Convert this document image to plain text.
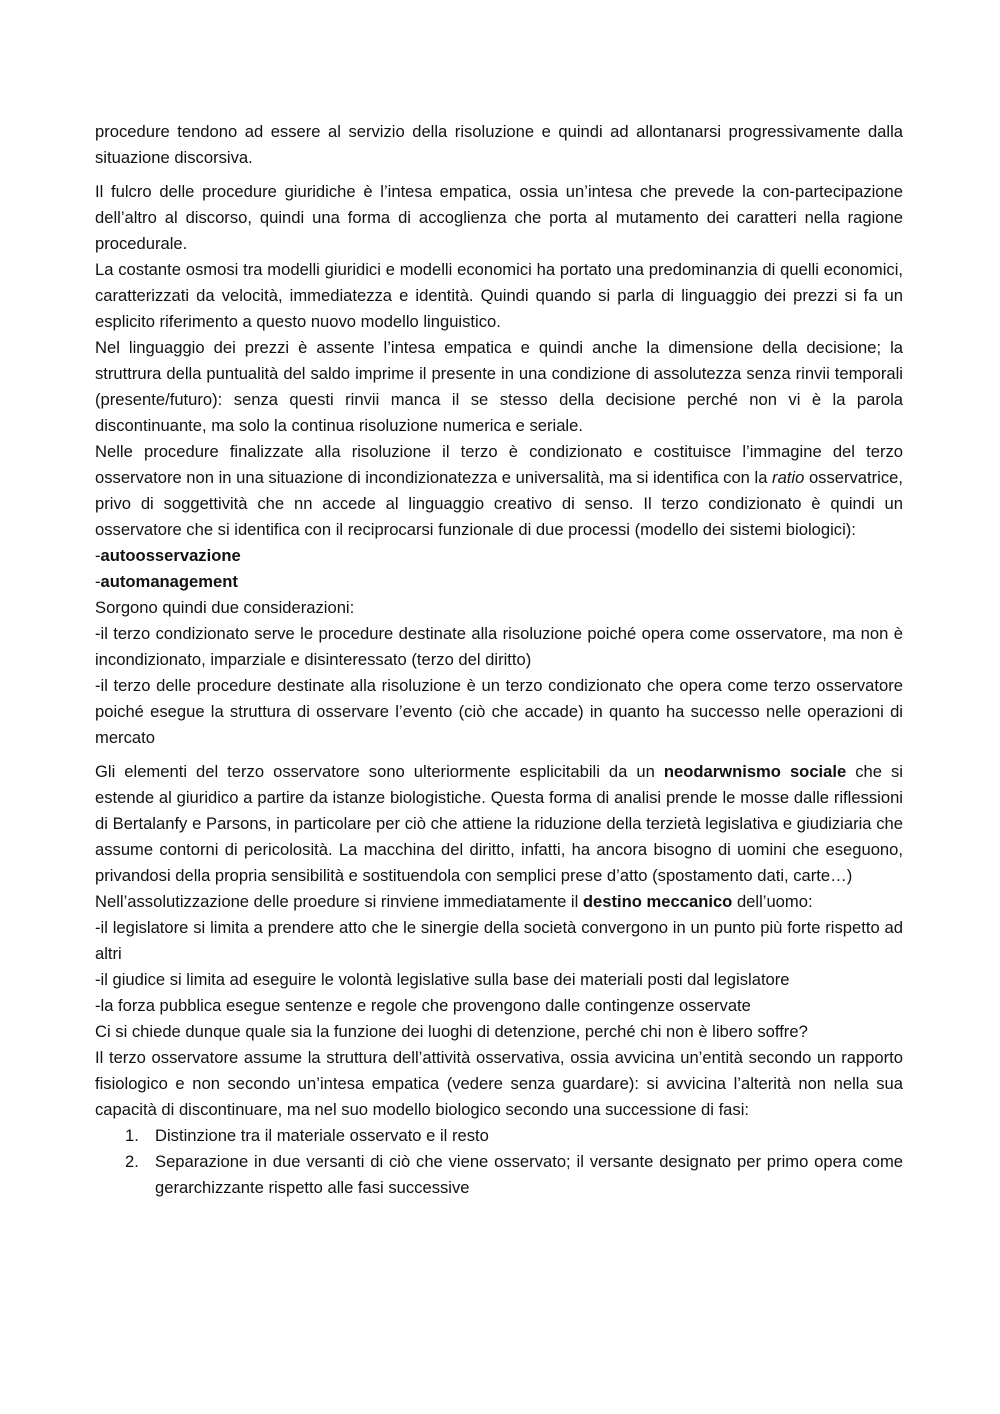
procedure tendono ad essere al servizio della risoluzione e quindi ad allontanarsi progressivamente dalla situazione discorsiva.

Il fulcro delle procedure giuridiche è l’intesa empatica, ossia un’intesa che prevede la con-partecipazione dell’altro al discorso, quindi una forma di accoglienza che porta al mutamento dei caratteri nella ragione procedurale.

La costante osmosi tra modelli giuridici e modelli economici ha portato una predominanzia di quelli economici, caratterizzati da velocità, immediatezza e identità. Quindi quando si parla di linguaggio dei prezzi si fa un esplicito riferimento a questo nuovo modello linguistico.

Nel linguaggio dei prezzi è assente l’intesa empatica e quindi anche la dimensione della decisione; la struttrura della puntualità del saldo imprime il presente in una condizione di assolutezza senza rinvii temporali (presente/futuro): senza questi rinvii manca il se stesso della decisione perché non vi è la parola discontinuante, ma solo la continua risoluzione numerica e seriale.

Nelle procedure finalizzate alla risoluzione il terzo è condizionato e costituisce l’immagine del terzo osservatore non in una situazione di incondizionatezza e universalità, ma si identifica con la ratio osservatrice, privo di soggettività che nn accede al linguaggio creativo di senso. Il terzo condizionato è quindi un osservatore che si identifica con il reciprocarsi funzionale di due processi (modello dei sistemi biologici):

-autoosservazione

-automanagement

Sorgono quindi due considerazioni:

-il terzo condizionato serve le procedure destinate alla risoluzione poiché opera come osservatore, ma non è incondizionato, imparziale e disinteressato (terzo del diritto)

-il terzo delle procedure destinate alla risoluzione è un terzo condizionato che opera come terzo osservatore poiché esegue la struttura di osservare l’evento (ciò che accade) in quanto ha successo nelle operazioni di mercato

Gli elementi del terzo osservatore sono ulteriormente esplicitabili da un neodarwnismo sociale che si estende al giuridico a partire da istanze biologistiche. Questa forma di analisi prende le mosse dalle riflessioni di Bertalanfy e Parsons, in particolare per ciò che attiene la riduzione della terzietà legislativa e giudiziaria che assume contorni di pericolosità. La macchina del diritto, infatti, ha ancora bisogno di uomini che eseguono, privandosi della propria sensibilità e sostituendola con semplici prese d’atto (spostamento dati, carte…)

Nell’assolutizzazione delle proedure si rinviene immediatamente il destino meccanico dell’uomo:

-il legislatore si limita a prendere atto che le sinergie della società convergono in un punto più forte rispetto ad altri

-il giudice si limita ad eseguire le volontà legislative sulla base dei materiali posti dal legislatore

-la forza pubblica esegue sentenze e regole che provengono dalle contingenze osservate

Ci si chiede dunque quale sia la funzione dei luoghi di detenzione, perché chi non è libero soffre?

Il terzo osservatore assume la struttura dell’attività osservativa, ossia avvicina un’entità secondo un rapporto fisiologico e non secondo un’intesa empatica (vedere senza guardare): si avvicina l’alterità non nella sua capacità di discontinuare, ma nel suo modello biologico secondo una successione di fasi:

1. Distinzione tra il materiale osservato e il resto
2. Separazione in due versanti di ciò che viene osservato; il versante designato per primo opera come gerarchizzante rispetto alle fasi successive
